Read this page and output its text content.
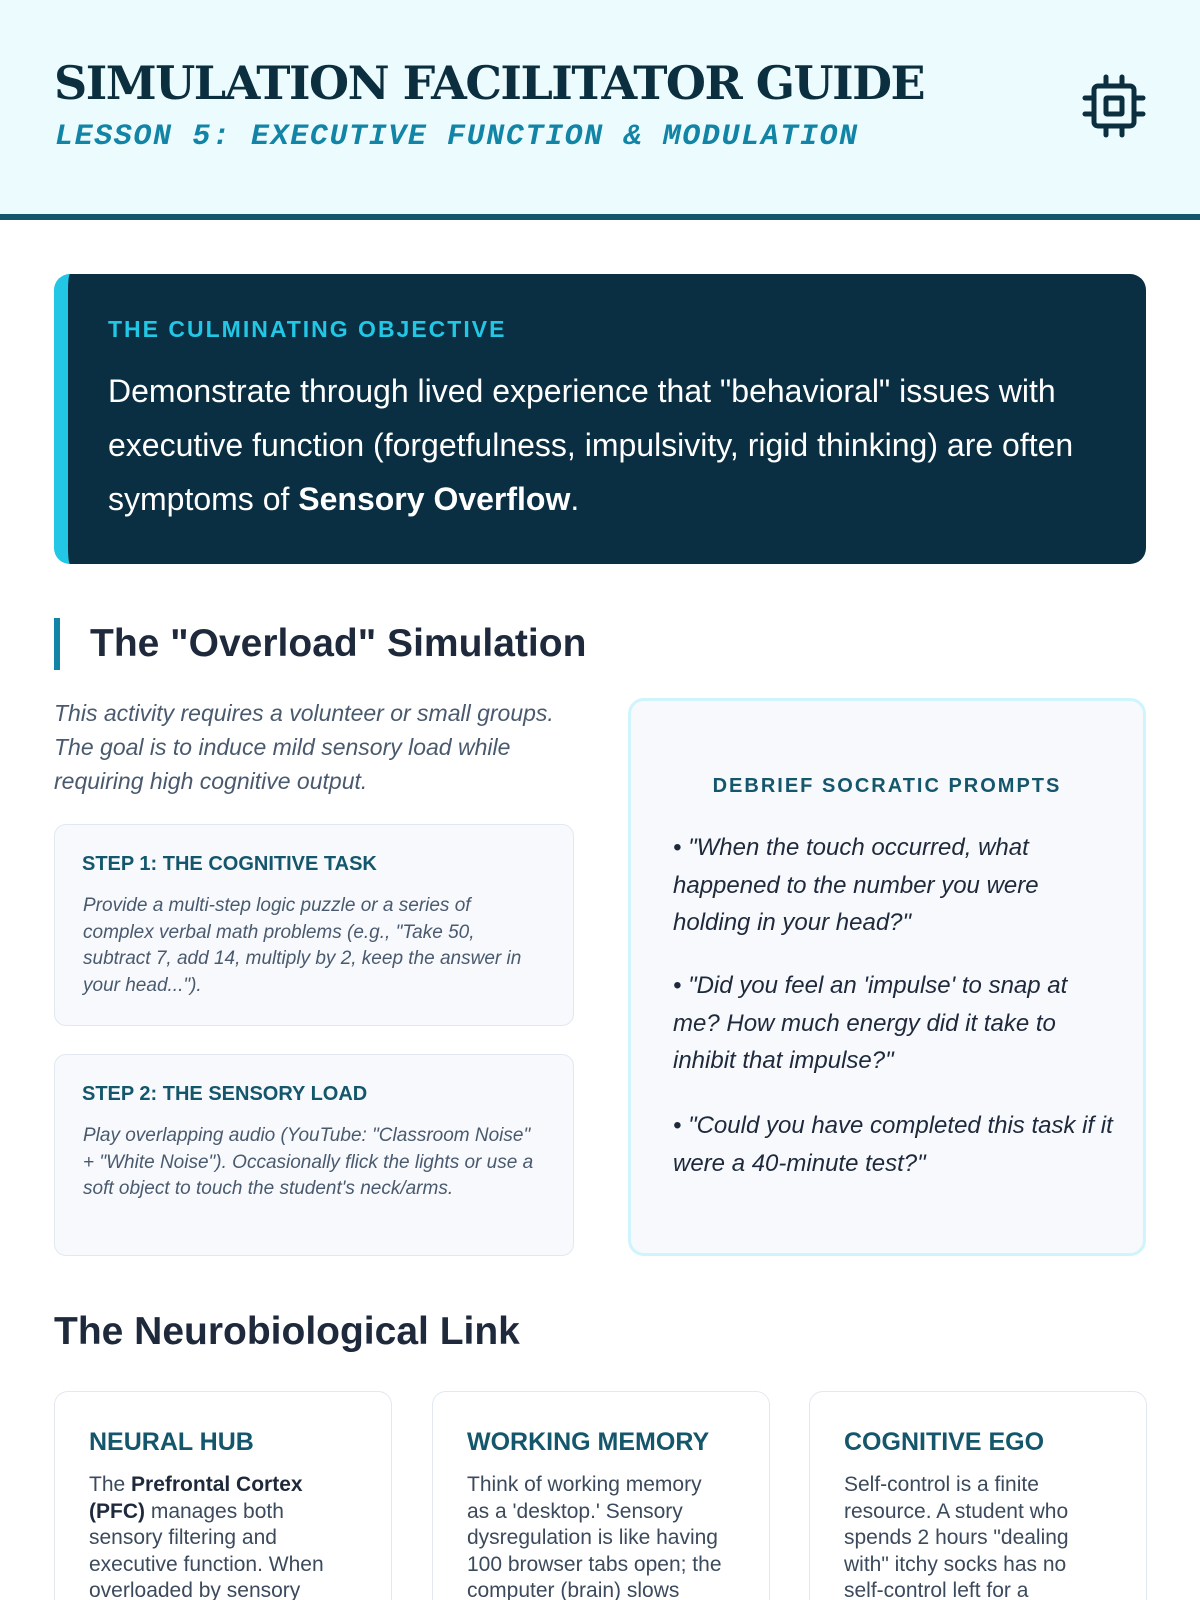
SIMULATION FACILITATOR GUIDE
LESSON 5: EXECUTIVE FUNCTION & MODULATION
THE CULMINATING OBJECTIVE
Demonstrate through lived experience that "behavioral" issues with executive function (forgetfulness, impulsivity, rigid thinking) are often symptoms of Sensory Overflow.
The "Overload" Simulation
This activity requires a volunteer or small groups. The goal is to induce mild sensory load while requiring high cognitive output.
STEP 1: THE COGNITIVE TASK
Provide a multi-step logic puzzle or a series of complex verbal math problems (e.g., "Take 50, subtract 7, add 14, multiply by 2, keep the answer in your head...").
STEP 2: THE SENSORY LOAD
Play overlapping audio (YouTube: "Classroom Noise" + "White Noise"). Occasionally flick the lights or use a soft object to touch the student's neck/arms.
DEBRIEF SOCRATIC PROMPTS
• "When the touch occurred, what happened to the number you were holding in your head?"
• "Did you feel an 'impulse' to snap at me? How much energy did it take to inhibit that impulse?"
• "Could you have completed this task if it were a 40-minute test?"
The Neurobiological Link
NEURAL HUB
The Prefrontal Cortex (PFC) manages both sensory filtering and executive function. When overloaded by sensory
WORKING MEMORY
Think of working memory as a 'desktop.' Sensory dysregulation is like having 100 browser tabs open; the computer (brain) slows
COGNITIVE EGO
Self-control is a finite resource. A student who spends 2 hours "dealing with" itchy socks has no self-control left for a
